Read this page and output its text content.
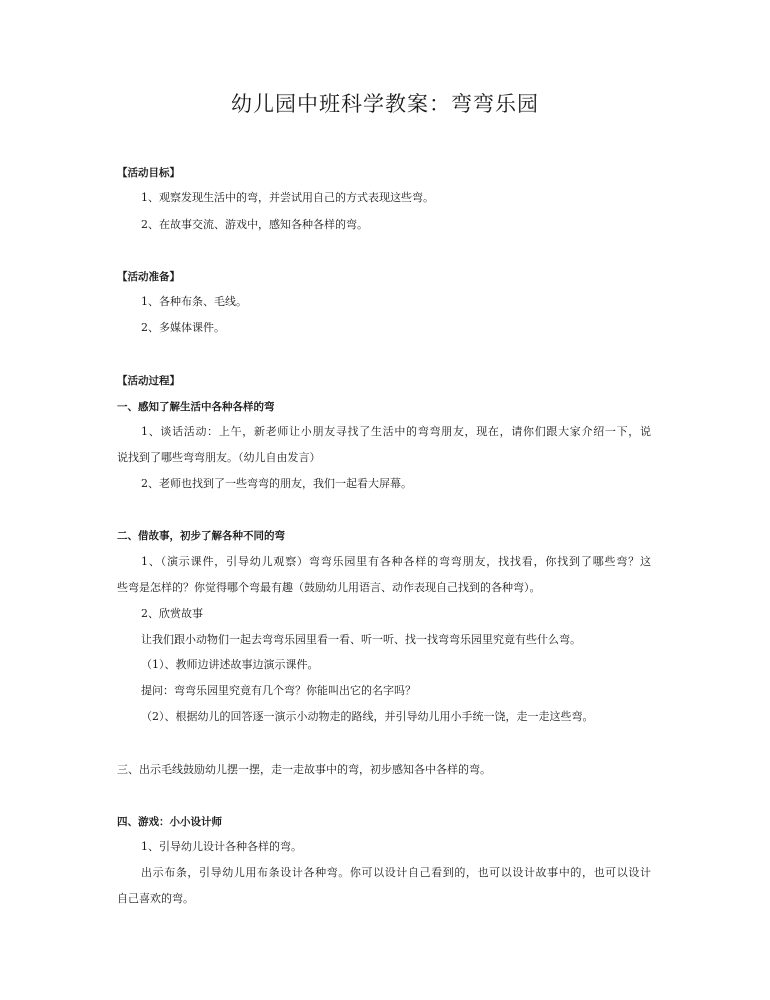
幼儿园中班科学教案：弯弯乐园
【活动目标】
1、观察发现生活中的弯，并尝试用自己的方式表现这些弯。
2、在故事交流、游戏中，感知各种各样的弯。
【活动准备】
1、各种布条、毛线。
2、多媒体课件。
【活动过程】
一、感知了解生活中各种各样的弯
1、谈话活动：上午，新老师让小朋友寻找了生活中的弯弯朋友，现在，请你们跟大家介绍一下，说
说找到了哪些弯弯朋友。（幼儿自由发言）
2、老师也找到了一些弯弯的朋友，我们一起看大屏幕。
二、借故事，初步了解各种不同的弯
1、（演示课件，引导幼儿观察）弯弯乐园里有各种各样的弯弯朋友，找找看，你找到了哪些弯？这
些弯是怎样的？你觉得哪个弯最有趣（鼓励幼儿用语言、动作表现自己找到的各种弯）。
2、欣赏故事
让我们跟小动物们一起去弯弯乐园里看一看、听一听、找一找弯弯乐园里究竟有些什么弯。
（1）、教师边讲述故事边演示课件。
提问：弯弯乐园里究竟有几个弯？你能叫出它的名字吗？
（2）、根据幼儿的回答逐一演示小动物走的路线，并引导幼儿用小手统一饶，走一走这些弯。
三、出示毛线鼓励幼儿摆一摆，走一走故事中的弯，初步感知各中各样的弯。
四、游戏：小小设计师
1、引导幼儿设计各种各样的弯。
出示布条，引导幼儿用布条设计各种弯。你可以设计自己看到的，也可以设计故事中的，也可以设计
自己喜欢的弯。
